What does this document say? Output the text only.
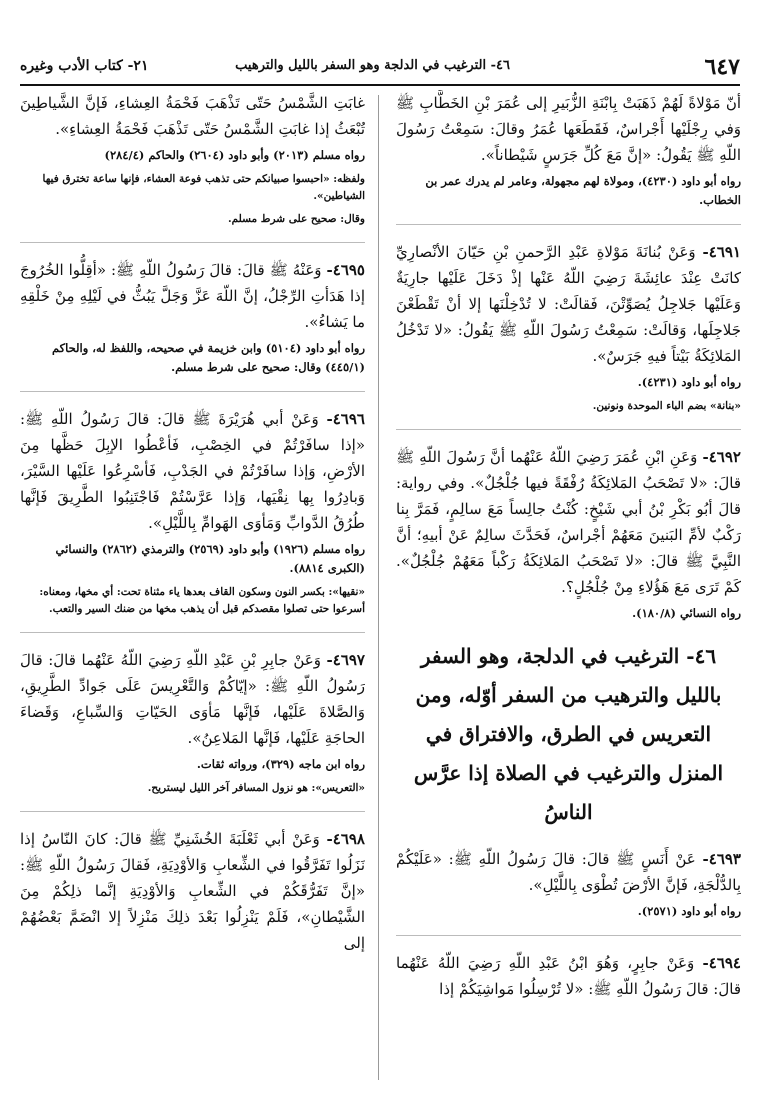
٦٤٧
٤٦- الترغيب في الدلجة وهو السفر بالليل والترهيب
٢١- كتاب الأدب وغيره

أنّ مَوْلاةً لَهُمْ ذَهَبَتْ بِابْنَةِ الزُّبَيرِ إلى عُمَرَ بْنِ الخَطَّابِ ﷺ وَفي رِجْلَيْها أَجْراسٌ، فَقَطَعَها عُمَرُ وقالَ: سَمِعْتُ رَسُولَ اللّهِ ﷺ يَقُولُ: «إنَّ مَعَ كُلِّ جَرَسٍ شَيْطاناً».

رواه أبو داود (٤٢٣٠)، ومولاة لهم مجهولة، وعامر لم يدرك عمر بن الخطاب.

٤٦٩١- وَعَنْ بُنانَةَ مَوْلاةِ عَبْدِ الرَّحمنِ بْنِ حَيّانَ الأنْصارِيِّ كانَتْ عِنْدَ عائِشَةَ رَضِيَ اللّهُ عَنْها إذْ دَخَلَ عَلَيْها جارِيَةٌ وَعَلَيْها جَلاجِلُ يُصَوِّتْنَ، فَقالَتْ: لا تُدْخِلْنَها إلا أنْ تَقْطَعْنَ جَلاجِلَها، وَقالَتْ: سَمِعْتُ رَسُولَ اللّهِ ﷺ يَقُولُ: «لا تَدْخُلُ المَلائِكَةُ بَيْتاً فيهِ جَرَسٌ».

رواه أبو داود (٤٢٣١).

«بنانة» بضم الباء الموحدة ونونين.

٤٦٩٢- وَعَنِ ابْنِ عُمَرَ رَضِيَ اللّهُ عَنْهُما أنَّ رَسُولَ اللّهِ ﷺ قالَ: «لا تَصْحَبُ المَلائِكَةُ رُفْقَةً فيها جُلْجُلٌ». وفي رواية: قالَ أبُو بَكْرِ بْنُ أبي شَيْخٍ: كُنْتُ جالِساً مَعَ سالِمٍ، فَمَرَّ بِنا رَكْبٌ لأمِّ البَنينَ مَعَهُمْ أجْراسٌ، فَحَدَّثَ سالِمٌ عَنْ أبيهِ؛ أنَّ النَّبِيَّ ﷺ قالَ: «لا تَصْحَبُ المَلائِكَةُ رَكْباً مَعَهُمْ جُلْجُلٌ». كَمْ تَرَى مَعَ هَؤُلاءِ مِنْ جُلْجُلٍ؟.

رواه النسائي (١٨٠/٨).

٤٦- الترغيب في الدلجة، وهو السفر بالليل والترهيب من السفر أوّله، ومن التعريس في الطرق، والافتراق في المنزل والترغيب في الصلاة إذا عرَّس الناسُ

٤٦٩٣- عَنْ أَنَسٍ ﷺ قالَ: قالَ رَسُولُ اللّهِ ﷺ: «عَلَيْكُمْ بِالدُّلْجَةِ، فَإنَّ الأرْضَ تُطْوَى بِاللَّيْلِ».

رواه أبو داود (٢٥٧١).

٤٦٩٤- وَعَنْ جابِرٍ، وَهُوَ ابْنُ عَبْدِ اللّهِ رَضِيَ اللّهُ عَنْهُما قالَ: قالَ رَسُولُ اللّهِ ﷺ: «لا تُرْسِلُوا مَواشِيَكُمْ إذا

غابَتِ الشَّمْسُ حَتّى تَذْهَبَ فَحْمَةُ العِشاءِ، فَإنَّ الشَّياطِينَ تُبْعَثُ إذا غابَتِ الشَّمْسُ حَتّى تَذْهَبَ فَحْمَةُ العِشاءِ».

رواه مسلم (٢٠١٣) وأبو داود (٢٦٠٤) والحاكم (٢٨٤/٤)

ولفظه: «احبسوا صبيانكم حتى تذهب فوعة العشاء، فإنها ساعة تخترق فيها الشياطين».

وقال: صحيح على شرط مسلم.

٤٦٩٥- وَعَنْهُ ﷺ قالَ: قالَ رَسُولُ اللّهِ ﷺ: «أقِلُّوا الخُرُوجَ إذا هَدَأتِ الرِّجْلُ، إنَّ اللّهَ عَزَّ وَجَلَّ يَبُثُّ في لَيْلِهِ مِنْ خَلْقِهِ ما يَشاءُ».

رواه أبو داود (٥١٠٤) وابن خزيمة في صحيحه، واللفظ له، والحاكم (٤٤٥/١) وقال: صحيح على شرط مسلم.

٤٦٩٦- وَعَنْ أبي هُرَيْرَةَ ﷺ قالَ: قالَ رَسُولُ اللّهِ ﷺ: «إذا سافَرْتُمْ في الخِصْبِ، فَأعْطُوا الإبِلَ حَظَّها مِنَ الأرْضِ، وَإذا سافَرْتُمْ في الجَدْبِ، فَأسْرِعُوا عَلَيْها السَّيْرَ، وَبادِرُوا بِها نِقْيَها، وَإذا عَرَّسْتُمْ فَاجْتَنِبُوا الطَّرِيقَ فَإنَّها طُرُقُ الدَّوابِّ وَمَأوَى الهَوامِّ بِاللَّيْلِ».

رواه مسلم (١٩٢٦) وأبو داود (٢٥٦٩) والترمذي (٢٨٦٢) والنسائي (الكبرى ٨٨١٤).

«نقيها»: بكسر النون وسكون القاف بعدها ياء مثناة تحت: أي مخها، ومعناه: أسرعوا حتى تصلوا مقصدكم قبل أن يذهب مخها من ضنك السير والتعب.

٤٦٩٧- وَعَنْ جابِرِ بْنِ عَبْدِ اللّهِ رَضِيَ اللّهُ عَنْهُما قالَ: قالَ رَسُولُ اللّهِ ﷺ: «إيّاكُمْ وَالتَّعْرِيسَ عَلَى جَوادِّ الطَّرِيقِ، وَالصَّلاةَ عَلَيْها، فَإنَّها مَأوَى الحَيّاتِ وَالسِّباعِ، وَقَضاءَ الحاجَةِ عَلَيْها، فَإنَّها المَلاعِنُ».

رواه ابن ماجه (٣٢٩)، ورواته ثقات.

«التعريس»: هو نزول المسافر آخر الليل ليستريح.

٤٦٩٨- وَعَنْ أبي ثَعْلَبَةَ الخُشَنِيِّ ﷺ قالَ: كانَ النّاسُ إذا نَزَلُوا تَفَرَّقُوا في الشِّعابِ وَالأوْدِيَةِ، فَقالَ رَسُولُ اللّهِ ﷺ: «إنَّ تَفَرُّقَكُمْ في الشِّعابِ وَالأوْدِيَةِ إنَّما ذلِكُمْ مِنَ الشَّيْطانِ»، فَلَمْ يَنْزِلُوا بَعْدَ ذلِكَ مَنْزِلاً إلا انْضَمَّ بَعْضُهُمْ إلى
